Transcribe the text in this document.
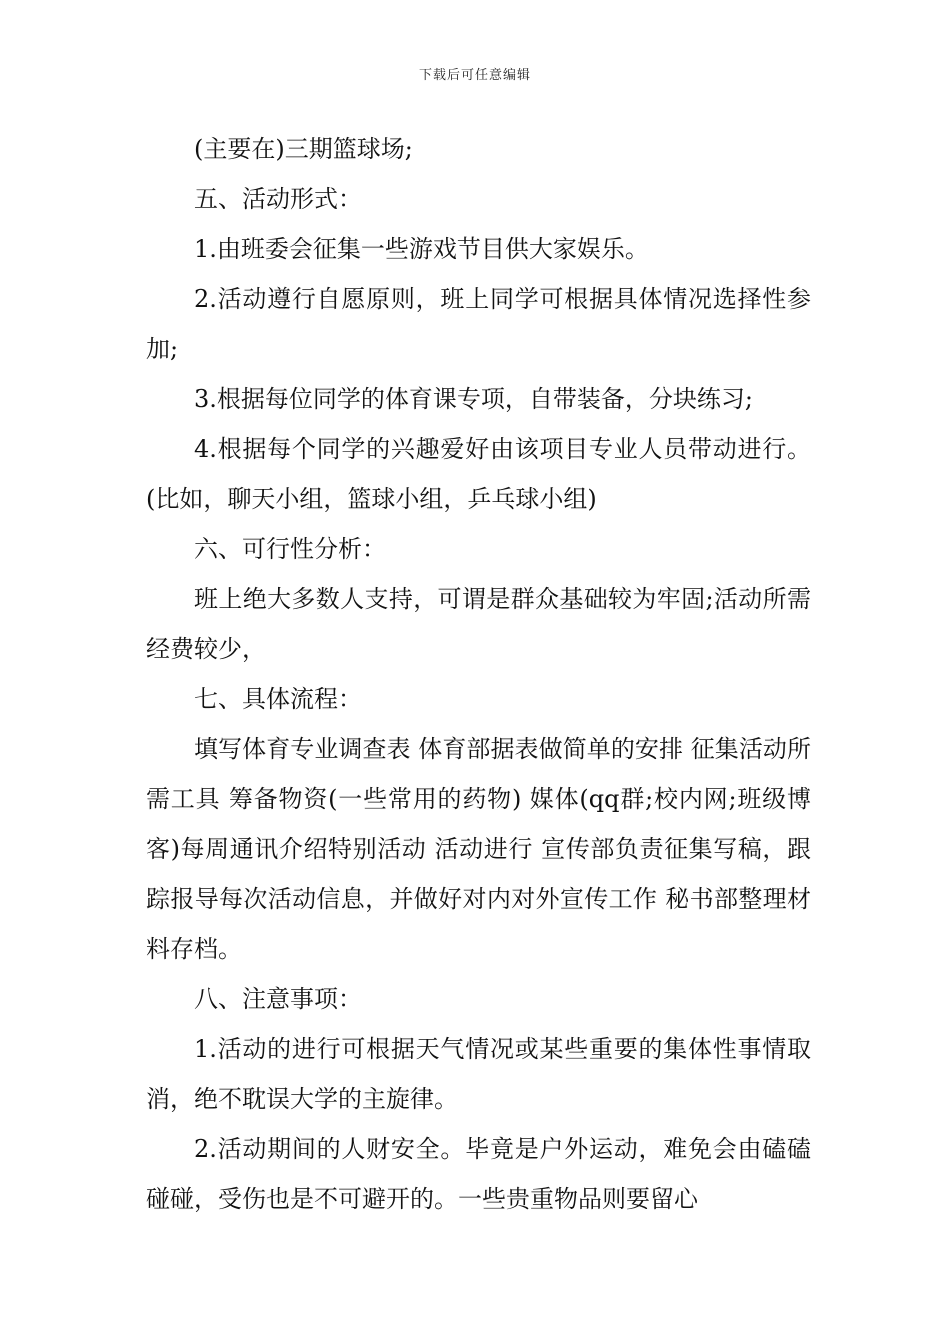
下载后可任意编辑

(主要在)三期篮球场;

五、活动形式：

1.由班委会征集一些游戏节目供大家娱乐。

2.活动遵行自愿原则，班上同学可根据具体情况选择性参加;

3.根据每位同学的体育课专项，自带装备，分块练习;

4.根据每个同学的兴趣爱好由该项目专业人员带动进行。(比如，聊天小组，篮球小组，乒乓球小组)

六、可行性分析：

班上绝大多数人支持，可谓是群众基础较为牢固;活动所需经费较少，

七、具体流程：

填写体育专业调查表 体育部据表做简单的安排 征集活动所需工具 筹备物资(一些常用的药物) 媒体(qq群;校内网;班级博客)每周通讯介绍特别活动 活动进行 宣传部负责征集写稿，跟踪报导每次活动信息，并做好对内对外宣传工作 秘书部整理材料存档。

八、注意事项：

1.活动的进行可根据天气情况或某些重要的集体性事情取消，绝不耽误大学的主旋律。

2.活动期间的人财安全。毕竟是户外运动，难免会由磕磕碰碰，受伤也是不可避开的。一些贵重物品则要留心
